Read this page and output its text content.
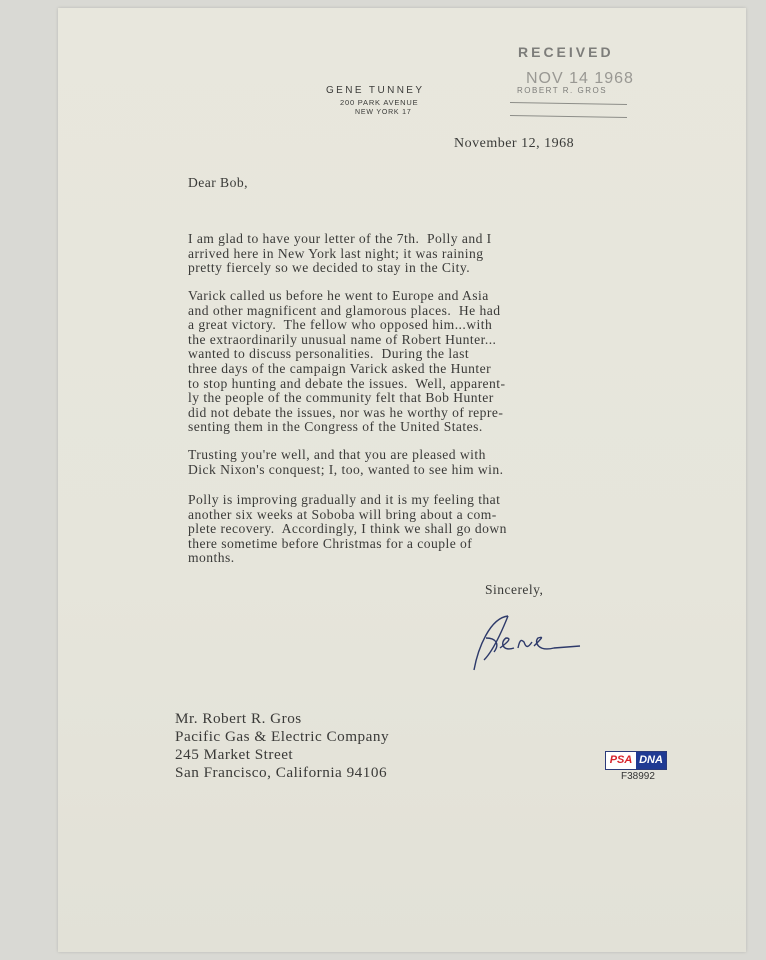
GENE TUNNEY
200 PARK AVENUE
NEW YORK 17
RECEIVED
NOV 14 1968
ROBERT R. GROS
November 12, 1968
Dear Bob,
I am glad to have your letter of the 7th.  Polly and I
arrived here in New York last night; it was raining
pretty fiercely so we decided to stay in the City.
Varick called us before he went to Europe and Asia
and other magnificent and glamorous places.  He had
a great victory.  The fellow who opposed him...with
the extraordinarily unusual name of Robert Hunter...
wanted to discuss personalities.  During the last
three days of the campaign Varick asked the Hunter
to stop hunting and debate the issues.  Well, apparent-
ly the people of the community felt that Bob Hunter
did not debate the issues, nor was he worthy of repre-
senting them in the Congress of the United States.
Trusting you're well, and that you are pleased with
Dick Nixon's conquest; I, too, wanted to see him win.
Polly is improving gradually and it is my feeling that
another six weeks at Soboba will bring about a com-
plete recovery.  Accordingly, I think we shall go down
there sometime before Christmas for a couple of
months.
Sincerely,
Mr. Robert R. Gros
Pacific Gas & Electric Company
245 Market Street
San Francisco, California 94106
PSA DNA
F38992
